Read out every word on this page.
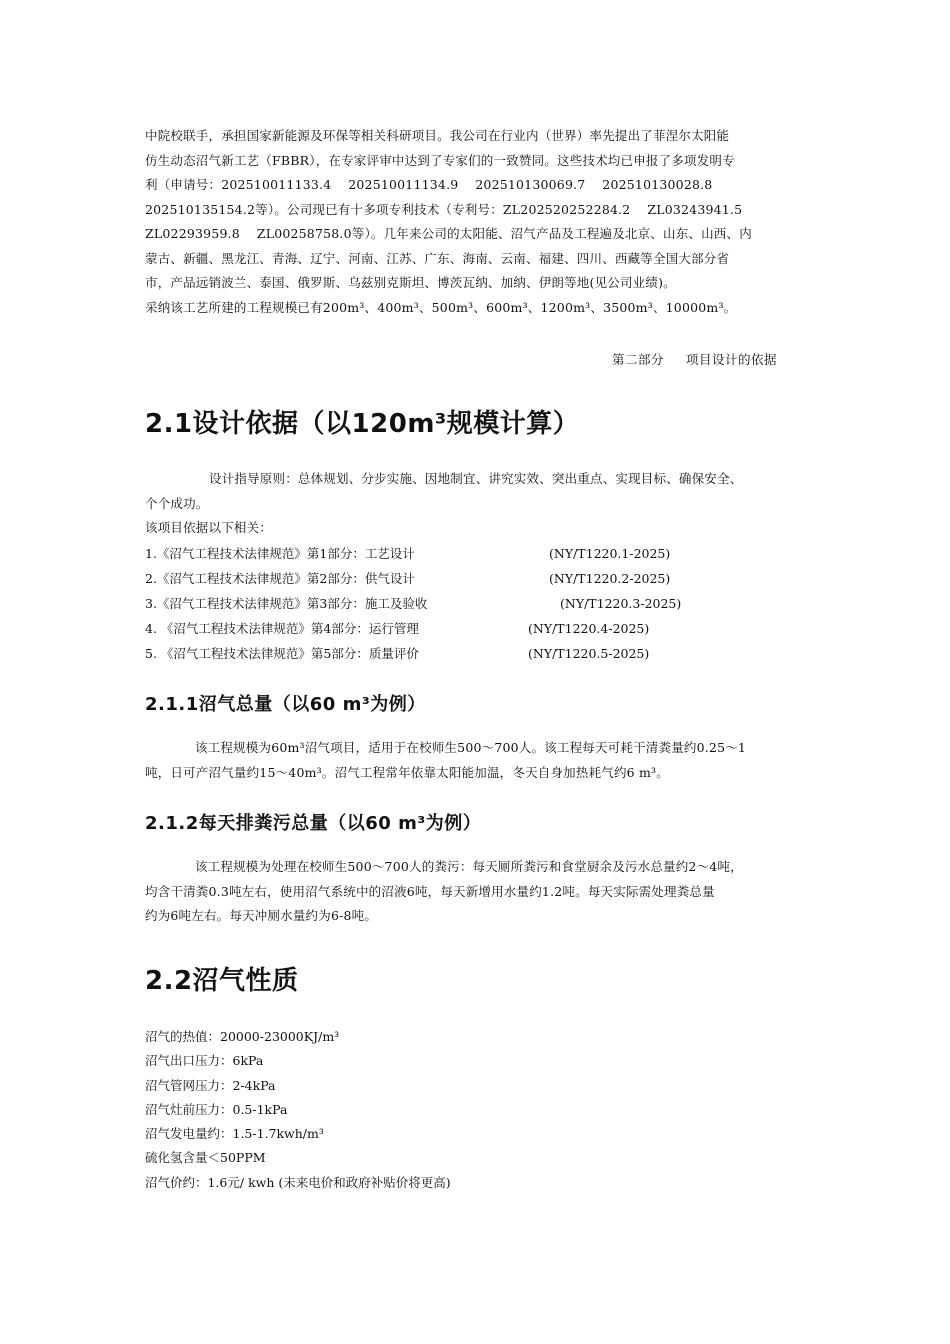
中院校联手，承担国家新能源及环保等相关科研项目。我公司在行业内（世界）率先提出了菲涅尔太阳能

仿生动态沼气新工艺（FBBR），在专家评审中达到了专家们的一致赞同。这些技术均已申报了多项发明专

利（申请号：202510011133.4　 202510011134.9　 202510130069.7　 202510130028.8

202510135154.2等）。公司现已有十多项专利技术（专利号：ZL202520252284.2　 ZL03243941.5

ZL02293959.8　 ZL00258758.0等）。几年来公司的太阳能、沼气产品及工程遍及北京、山东、山西、内

蒙古、新疆、黑龙江、青海、辽宁、河南、江苏、广东、海南、云南、福建、四川、西藏等全国大部分省

市，产品远销波兰、泰国、俄罗斯、乌兹别克斯坦、博茨瓦纳、加纳、伊朗等地(见公司业绩)。

采纳该工艺所建的工程规模已有200m³、400m³、500m³、600m³、1200m³、3500m³、10000m³。

第二部分 项目设计的依据
2.1设计依据（以120m³规模计算）

设计指导原则：总体规划、分步实施、因地制宜、讲究实效、突出重点、实现目标、确保安全、

个个成功。

该项目依据以下相关：

1.《沼气工程技术法律规范》第1部分：工艺设计	(NY/T1220.1-2025)
2.《沼气工程技术法律规范》第2部分：供气设计	(NY/T1220.2-2025)
3.《沼气工程技术法律规范》第3部分：施工及验收	(NY/T1220.3-2025)
4. 《沼气工程技术法律规范》第4部分：运行管理	(NY/T1220.4-2025)
5. 《沼气工程技术法律规范》第5部分：质量评价	(NY/T1220.5-2025)
2.1.1沼气总量（以60 m³为例）

该工程规模为60m³沼气项目，适用于在校师生500～700人。该工程每天可耗干清粪量约0.25～1

吨，日可产沼气量约15～40m³。沼气工程常年依靠太阳能加温，冬天自身加热耗气约6 m³。

2.1.2每天排粪污总量（以60 m³为例）

该工程规模为处理在校师生500～700人的粪污：每天厕所粪污和食堂厨余及污水总量约2～4吨，

均含干清粪0.3吨左右，使用沼气系统中的沼液6吨，每天新增用水量约1.2吨。每天实际需处理粪总量

约为6吨左右。每天冲厕水量约为6-8吨。

2.2沼气性质
沼气的热值：20000-23000KJ/m³
沼气出口压力：6kPa
沼气管网压力：2-4kPa
沼气灶前压力：0.5-1kPa
沼气发电量约：1.5-1.7kwh/m³
硫化氢含量＜50PPM
沼气价约：1.6元/ kwh (未来电价和政府补贴价将更高)
